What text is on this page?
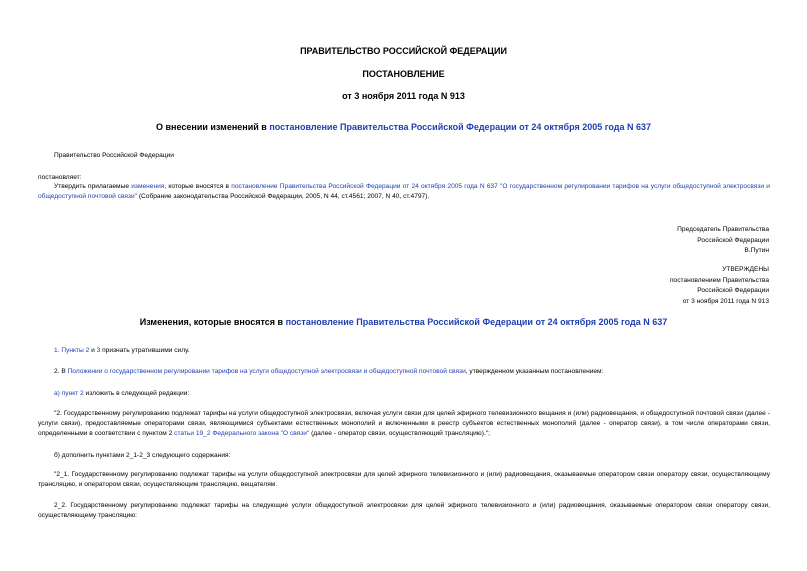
ПРАВИТЕЛЬСТВО РОССИЙСКОЙ ФЕДЕРАЦИИ
ПОСТАНОВЛЕНИЕ
от 3 ноября 2011 года N 913
О внесении изменений в постановление Правительства Российской Федерации от 24 октября 2005 года N 637
Правительство Российской Федерации
постановляет:
Утвердить прилагаемые изменения, которые вносятся в постановление Правительства Российской Федерации от 24 октября 2005 года N 637 "О государственном регулировании тарифов на услуги общедоступной электросвязи и общедоступной почтовой связи" (Собрание законодательства Российской Федерации, 2005, N 44, ст.4561; 2007, N 40, ст.4797).
Председатель Правительства
Российской Федерации
В.Путин
УТВЕРЖДЕНЫ
постановлением Правительства
Российской Федерации
от 3 ноября 2011 года N 913
Изменения, которые вносятся в постановление Правительства Российской Федерации от 24 октября 2005 года N 637
1. Пункты 2 и 3 признать утратившими силу.
2. В Положении о государственном регулировании тарифов на услуги общедоступной электросвязи и общедоступной почтовой связи, утвержденном указанным постановлением:
а) пункт 2 изложить в следующей редакции:
"2. Государственному регулированию подлежат тарифы на услуги общедоступной электросвязи, включая услуги связи для целей эфирного телевизионного вещания и (или) радиовещания, и общедоступной почтовой связи (далее - услуги связи), предоставляемые операторами связи, являющимися субъектами естественных монополий и включенными в реестр субъектов естественных монополий (далее - оператор связи), в том числе операторами связи, определенными в соответствии с пунктом 2 статьи 19_2 Федерального закона "О связи" (далее - оператор связи, осуществляющий трансляцию).";
б) дополнить пунктами 2_1-2_3 следующего содержания:
"2_1. Государственному регулированию подлежат тарифы на услуги общедоступной электросвязи для целей эфирного телевизионного и (или) радиовещания, оказываемые оператором связи оператору связи, осуществляющему трансляцию, и оператором связи, осуществляющим трансляцию, вещателям.
2_2. Государственному регулированию подлежат тарифы на следующие услуги общедоступной электросвязи для целей эфирного телевизионного и (или) радиовещания, оказываемые оператором связи оператору связи, осуществляющему трансляцию:
